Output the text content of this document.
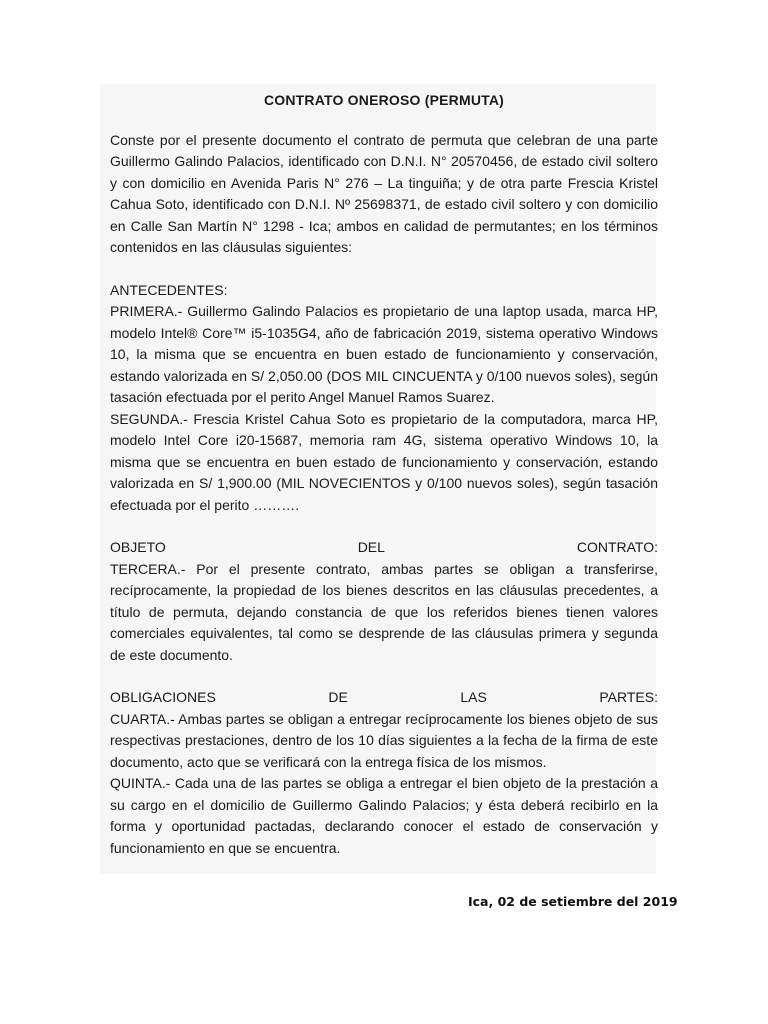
CONTRATO ONEROSO (PERMUTA)

Conste por el presente documento el contrato de permuta que celebran de una parte Guillermo Galindo Palacios, identificado con D.N.I. N° 20570456, de estado civil soltero y con domicilio en Avenida Paris N° 276 – La tinguiña; y de otra parte Frescia Kristel Cahua Soto, identificado con D.N.I. Nº 25698371, de estado civil soltero y con domicilio en Calle San Martín N° 1298 - Ica; ambos en calidad de permutantes; en los términos contenidos en las cláusulas siguientes:

ANTECEDENTES:

PRIMERA.- Guillermo Galindo Palacios es propietario de una laptop usada, marca HP, modelo Intel® Core™ i5-1035G4, año de fabricación 2019, sistema operativo Windows 10, la misma que se encuentra en buen estado de funcionamiento y conservación, estando valorizada en S/ 2,050.00 (DOS MIL CINCUENTA y 0/100 nuevos soles), según tasación efectuada por el perito Angel Manuel Ramos Suarez.

SEGUNDA.- Frescia Kristel Cahua Soto es propietario de la computadora, marca HP, modelo Intel Core i20-15687, memoria ram 4G, sistema operativo Windows 10, la misma que se encuentra en buen estado de funcionamiento y conservación, estando valorizada en S/ 1,900.00 (MIL NOVECIENTOS y 0/100 nuevos soles), según tasación efectuada por el perito ……….

OBJETO	DEL	CONTRATO:

TERCERA.- Por el presente contrato, ambas partes se obligan a transferirse, recíprocamente, la propiedad de los bienes descritos en las cláusulas precedentes, a título de permuta, dejando constancia de que los referidos bienes tienen valores comerciales equivalentes, tal como se desprende de las cláusulas primera y segunda de este documento.

OBLIGACIONES	DE	LAS	PARTES:

CUARTA.- Ambas partes se obligan a entregar recíprocamente los bienes objeto de sus respectivas prestaciones, dentro de los 10 días siguientes a la fecha de la firma de este documento, acto que se verificará con la entrega física de los mismos.

QUINTA.- Cada una de las partes se obliga a entregar el bien objeto de la prestación a su cargo en el domicilio de Guillermo Galindo Palacios; y ésta deberá recibirlo en la forma y oportunidad pactadas, declarando conocer el estado de conservación y funcionamiento en que se encuentra.

Ica, 02 de setiembre del 2019
